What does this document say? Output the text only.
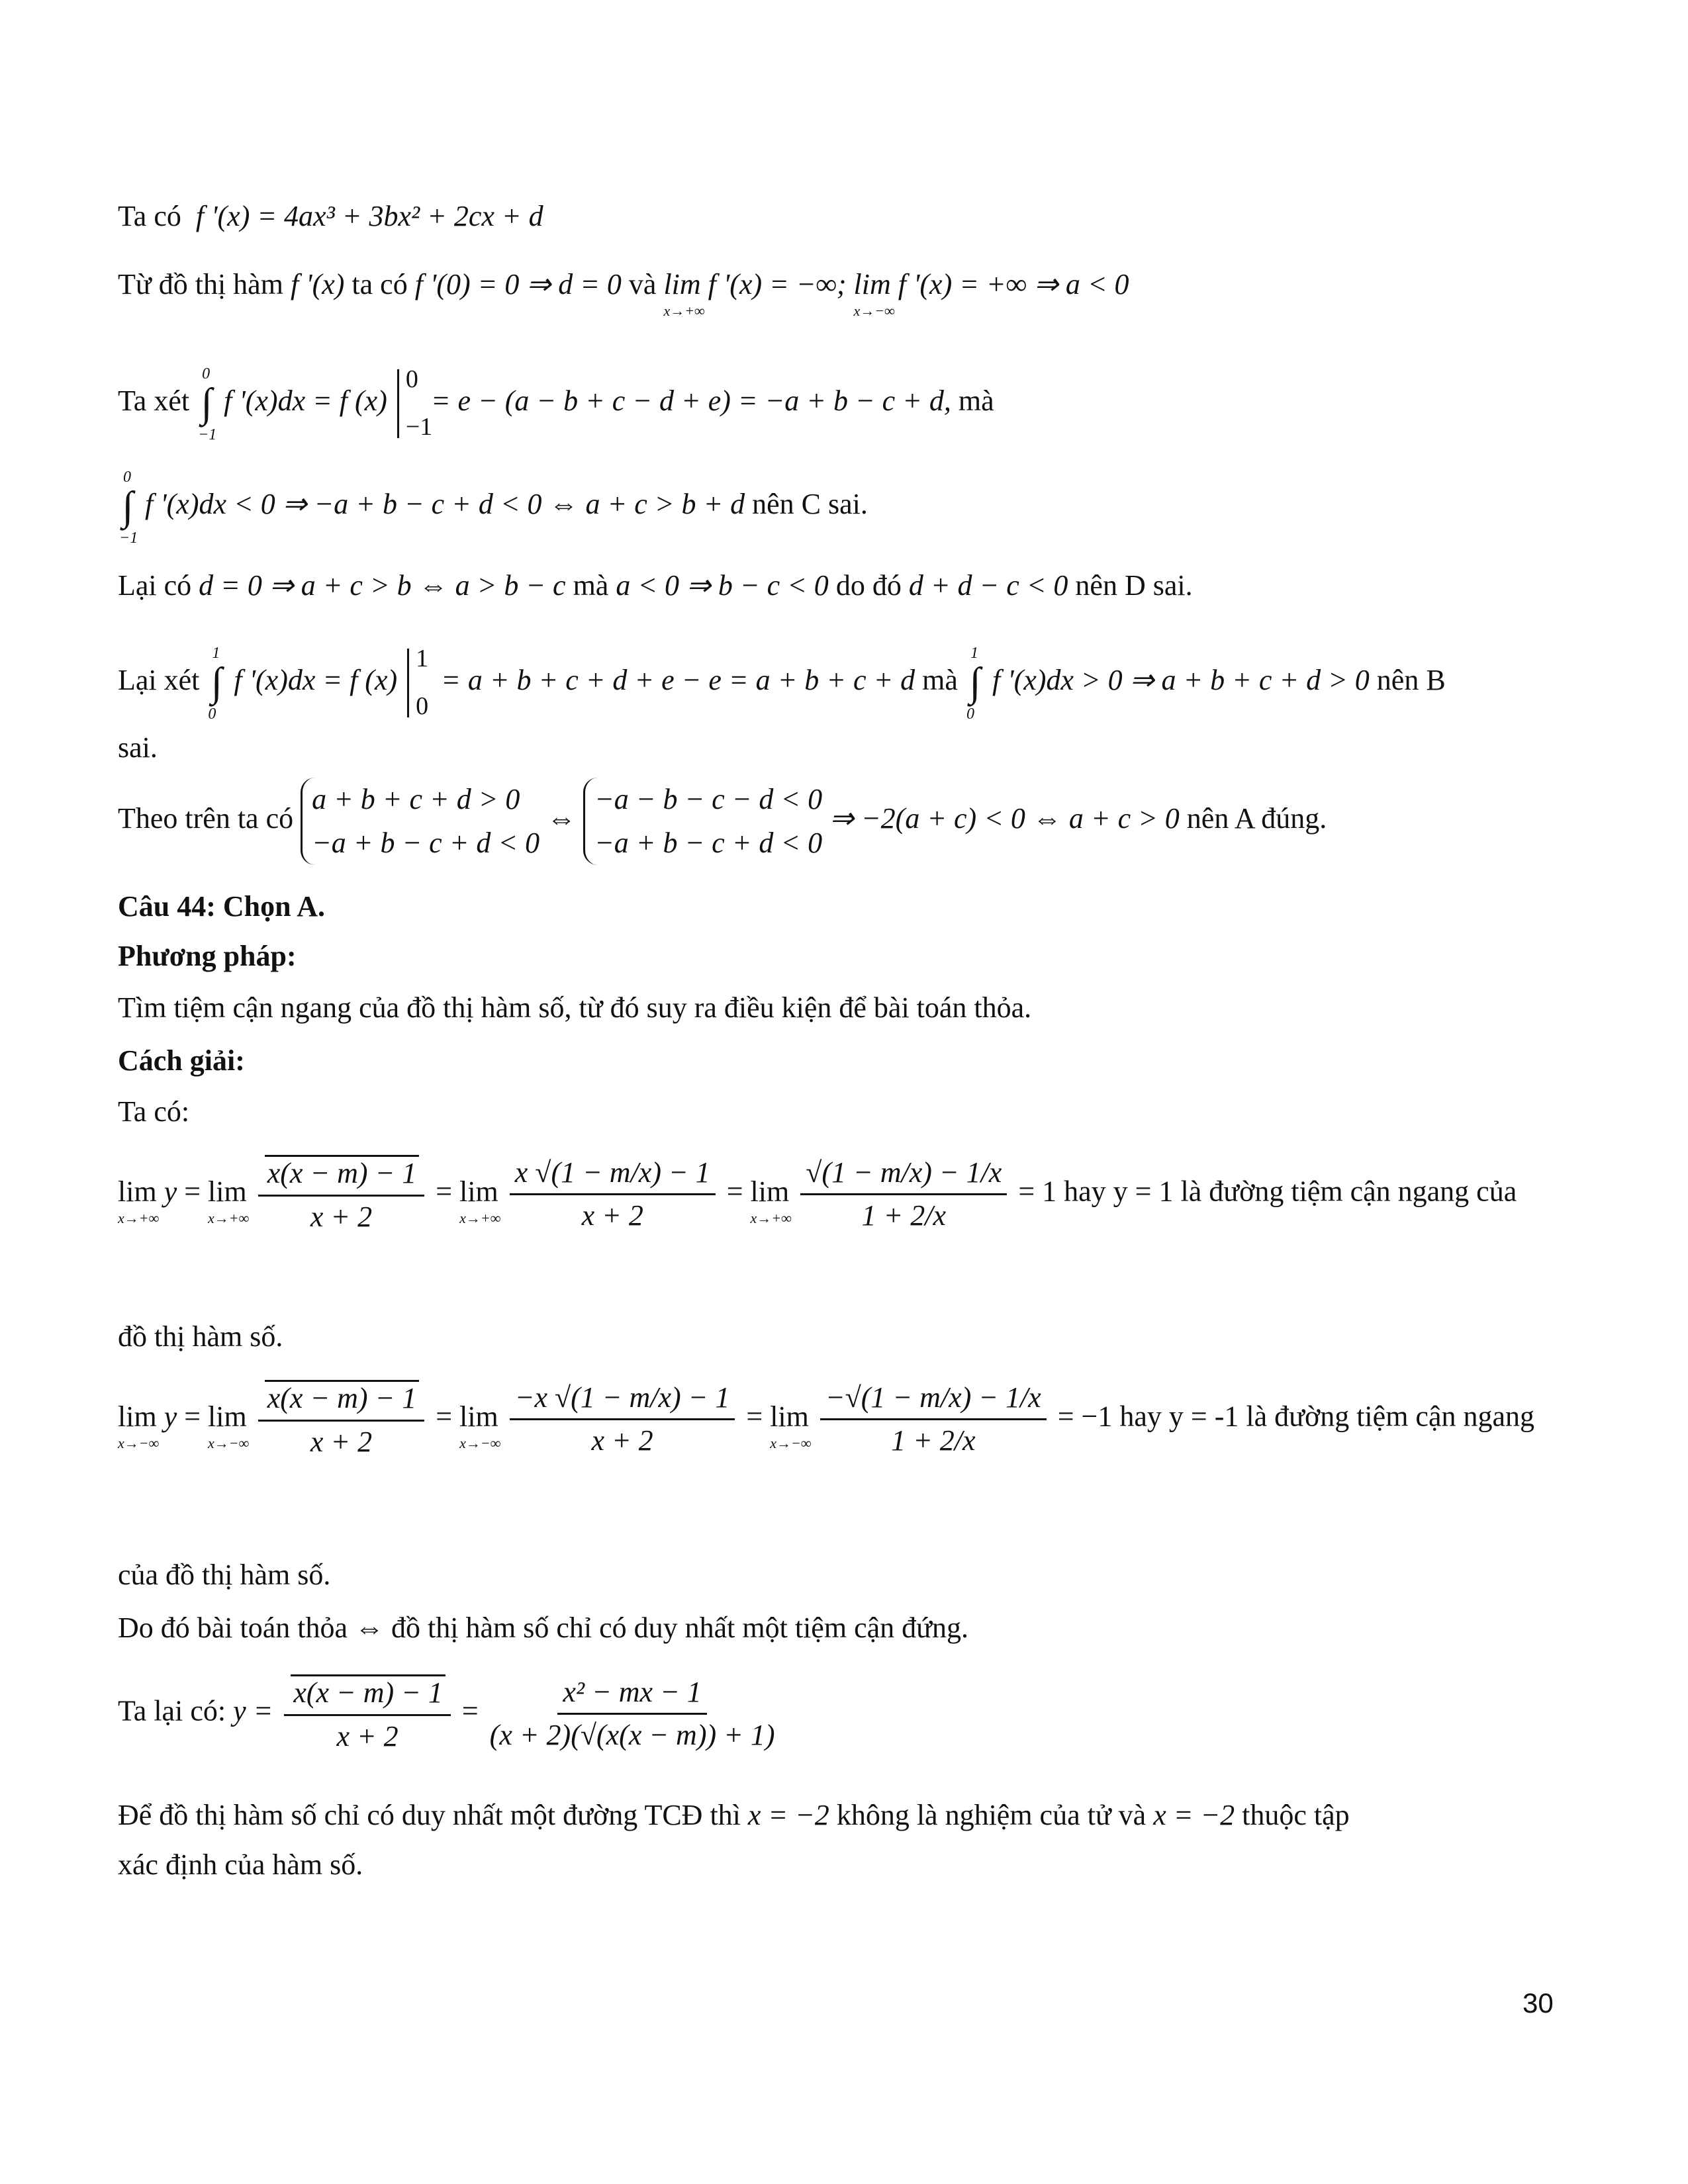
Ta có f '(x) = 4ax³ + 3bx² + 2cx + d
Từ đồ thị hàm f '(x) ta có f '(0) = 0 ⇒ d = 0 và lim f '(x) = −∞;
x→+∞
lim f '(x) = +∞ ⇒ a < 0
x→−∞
Ta xét ∫
0
−1
f '(x)dx = f (x)
0
−1
= e − (a − b + c − d + e) = −a + b − c + d, mà
∫
0
−1
f '(x)dx < 0 ⇒ −a + b − c + d < 0 ⇔ a + c > b + d nên C sai.
Lại có d = 0 ⇒ a + c > b ⇔ a > b − c mà a < 0 ⇒ b − c < 0 do đó d + d − c < 0 nên D sai.
Lại xét ∫
1
0
f '(x)dx = f (x)
1
0
= a + b + c + d + e − e = a + b + c + d mà ∫
1
0
f '(x)dx > 0 ⇒ a + b + c + d > 0 nên B
sai.
Theo trên ta có
a + b + c + d > 0
−a + b − c + d < 0
⇔
−a − b − c − d < 0
−a + b − c + d < 0
⇒ −2(a + c) < 0 ⇔ a + c > 0 nên A đúng.
Câu 44: Chọn A.
Phương pháp:
Tìm tiệm cận ngang của đồ thị hàm số, từ đó suy ra điều kiện để bài toán thỏa.
Cách giải:
Ta có:
lim y
x→+∞
= lim
x→+∞
$\frac{x(x - m) - 1}{x + 2} = \lim$
x→+∞
$\frac{x √(1 - m/x) - 1}{x + 2} = \lim$
x→+∞
$\frac{√(1 - m/x) - 1/x}{1 + 2/x} = 1$ hay y = 1 là đường tiệm cận ngang của
đồ thị hàm số.
lim y
x→−∞
= lim
x→−∞
$\frac{x(x - m) - 1}{x + 2} = \lim$
x→−∞
$\frac{-x √(1 - m/x) - 1}{x + 2} = \lim$
x→−∞
$\frac{-√(1 - m/x) - 1/x}{1 + 2/x} = -1$ hay y = -1 là đường tiệm cận ngang
của đồ thị hàm số.
Do đó bài toán thỏa ⇔ đồ thị hàm số chỉ có duy nhất một tiệm cận đứng.
Ta lại có: $y = \frac{x(x - m) - 1}{x + 2} = \frac{\text{x² − mx − 1}}{(x + 2)(√(x(x - m)) + 1)}$
Để đồ thị hàm số chỉ có duy nhất một đường TCĐ thì x = −2 không là nghiệm của tử và x = −2 thuộc tập
xác định của hàm số.
30
